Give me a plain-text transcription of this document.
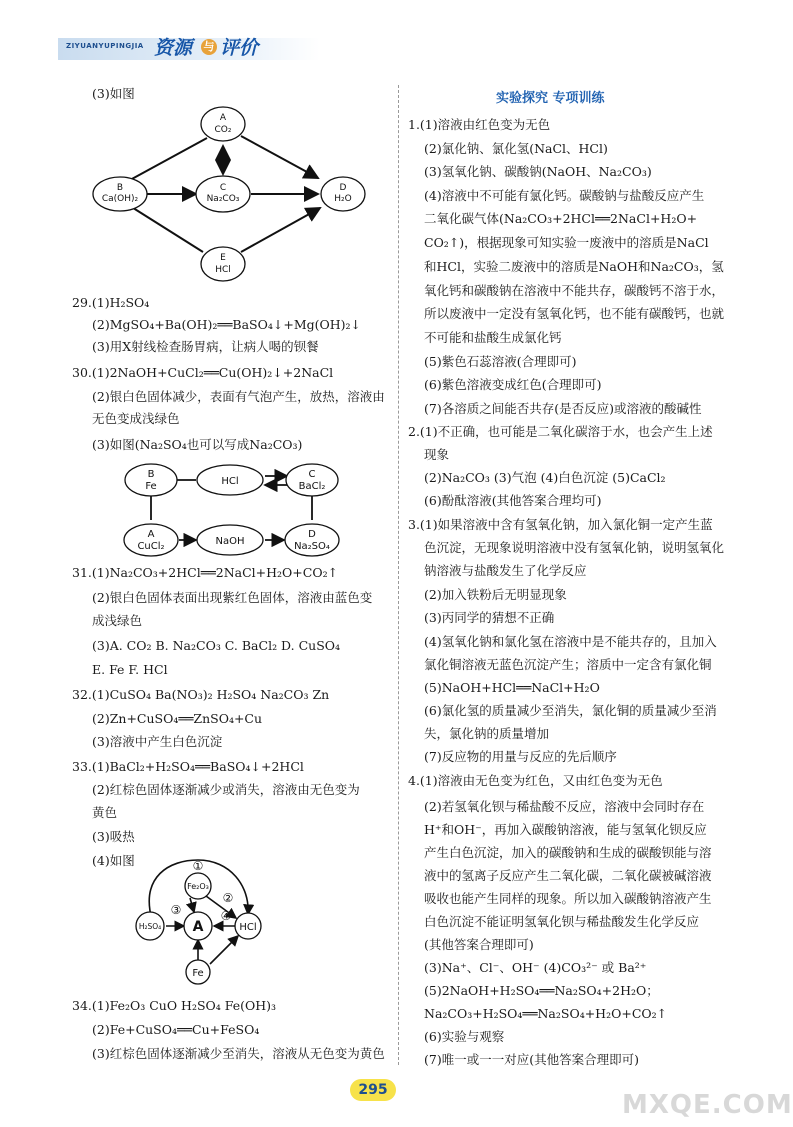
ZIYUANYUPINGJIA 资源 与 评价
(3)如图
29.(1)H₂SO₄
(2)MgSO₄+Ba(OH)₂══BaSO₄↓+Mg(OH)₂↓
(3)用X射线检查肠胃病，让病人喝的钡餐
30.(1)2NaOH+CuCl₂══Cu(OH)₂↓+2NaCl
(2)银白色固体减少，表面有气泡产生，放热，溶液由
无色变成浅绿色
(3)如图(Na₂SO₄也可以写成Na₂CO₃)
31.(1)Na₂CO₃+2HCl══2NaCl+H₂O+CO₂↑
(2)银白色固体表面出现紫红色固体，溶液由蓝色变
成浅绿色
(3)A. CO₂ B. Na₂CO₃ C. BaCl₂ D. CuSO₄
E. Fe F. HCl
32.(1)CuSO₄ Ba(NO₃)₂ H₂SO₄ Na₂CO₃ Zn
(2)Zn+CuSO₄══ZnSO₄+Cu
(3)溶液中产生白色沉淀
33.(1)BaCl₂+H₂SO₄══BaSO₄↓+2HCl
(2)红棕色固体逐渐减少或消失，溶液由无色变为
黄色
(3)吸热
(4)如图
34.(1)Fe₂O₃ CuO H₂SO₄ Fe(OH)₃
(2)Fe+CuSO₄══Cu+FeSO₄
(3)红棕色固体逐渐减少至消失，溶液从无色变为黄色
实验探究 专项训练
1.(1)溶液由红色变为无色
(2)氯化钠、氯化氢(NaCl、HCl)
(3)氢氧化钠、碳酸钠(NaOH、Na₂CO₃)
(4)溶液中不可能有氯化钙。碳酸钠与盐酸反应产生
二氧化碳气体(Na₂CO₃+2HCl══2NaCl+H₂O+
CO₂↑)，根据现象可知实验一废液中的溶质是NaCl
和HCl，实验二废液中的溶质是NaOH和Na₂CO₃，氢
氧化钙和碳酸钠在溶液中不能共存，碳酸钙不溶于水，
所以废液中一定没有氢氧化钙，也不能有碳酸钙，也就
不可能和盐酸生成氯化钙
(5)紫色石蕊溶液(合理即可)
(6)紫色溶液变成红色(合理即可)
(7)各溶质之间能否共存(是否反应)或溶液的酸碱性
2.(1)不正确，也可能是二氧化碳溶于水，也会产生上述
现象
(2)Na₂CO₃ (3)气泡 (4)白色沉淀 (5)CaCl₂
(6)酚酞溶液(其他答案合理均可)
3.(1)如果溶液中含有氢氧化钠，加入氯化铜一定产生蓝
色沉淀，无现象说明溶液中没有氢氧化钠，说明氢氧化
钠溶液与盐酸发生了化学反应
(2)加入铁粉后无明显现象
(3)丙同学的猜想不正确
(4)氢氧化钠和氯化氢在溶液中是不能共存的，且加入
氯化铜溶液无蓝色沉淀产生；溶质中一定含有氯化铜
(5)NaOH+HCl══NaCl+H₂O
(6)氯化氢的质量减少至消失，氯化铜的质量减少至消
失，氯化钠的质量增加
(7)反应物的用量与反应的先后顺序
4.(1)溶液由无色变为红色，又由红色变为无色
(2)若氢氧化钡与稀盐酸不反应，溶液中会同时存在
H⁺和OH⁻，再加入碳酸钠溶液，能与氢氧化钡反应
产生白色沉淀，加入的碳酸钠和生成的碳酸钡能与溶
液中的氢离子反应产生二氧化碳，二氧化碳被碱溶液
吸收也能产生同样的现象。所以加入碳酸钠溶液产生
白色沉淀不能证明氢氧化钡与稀盐酸发生化学反应
(其他答案合理即可)
(3)Na⁺、Cl⁻、OH⁻ (4)CO₃²⁻ 或 Ba²⁺
(5)2NaOH+H₂SO₄══Na₂SO₄+2H₂O；
Na₂CO₃+H₂SO₄══Na₂SO₄+H₂O+CO₂↑
(6)实验与观察
(7)唯一或一一对应(其他答案合理即可)
A
CO₂
B
Ca(OH)₂
C
Na₂CO₃
D
H₂O
E
HCl
B
Fe	HCl
C
BaCl₂
A
CuCl₂	NaOH
D
Na₂SO₄
①
②
③	④
Fe₂O₃
H₂SO₄ A	HCl
Fe
295	MXQE.COM
